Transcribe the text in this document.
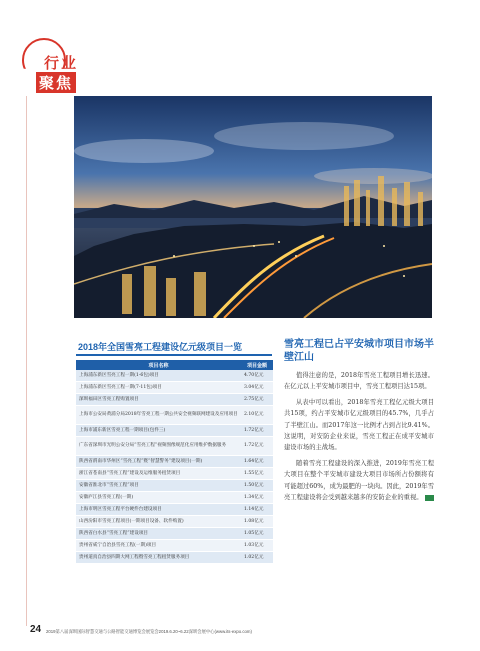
行业
聚焦
2018年全国雪亮工程建设亿元级项目一览
项目名称	项目金额
上海浦东新区雪亮工程一期(1-6包)项目	4.70亿元
上海浦东新区雪亮工程一期(7-11包)项目	3.04亿元
深圳福田区雪亮工程购置项目	2.75亿元
上海市公安局黄浦分局2018年雪亮工程一期公共安全视频联网建设及应用项目	2.10亿元
上海市浦东新区雪亮工程一期项目(包件三)	1.72亿元
广东省深圳市光明公安分局“雪亮工程”视频图像规范化应用维护数据服务	1.72亿元
陕西省渭南市华州区“雪亮工程”暨“智慧警务”建设项目(一期)	1.64亿元
浙江省苍南县“雪亮工程”建设及运维服务租赁项目	1.55亿元
安徽省淮北市“雪亮工程”项目	1.50亿元
安徽庐江县雪亮工程(一期)	1.34亿元
上海市明区雪亮工程平台硬件台建设项目	1.14亿元
山西汾阳市雪亮工程项目(一期项目设备、软件购置)	1.08亿元
陕西省白水县“雪亮工程”建设项目	1.05亿元
贵州省威宁自治县雪亮工程(一期)项目	1.03亿元
贵州道真自治县四期大网工程暨雪亮工程租赁服务项目	1.02亿元
雪亮工程已占平安城市项目市场半壁江山

值得注意的是，2018年雪亮工程项目增长迅速。在亿元以上平安城市项目中，雪亮工程项目达15项。

从表中可以看出，2018年雪亮工程亿元级大项目共15项，约占平安城市亿元级项目的45.7%，几乎占了半壁江山。而2017年这一比例才占到占比9.41%。这说明，对安防企业来说，雪亮工程正在成平安城市建设市场的主战场。

随着雪亮工程建设的深入推进，2019年雪亮工程大项目在整个平安城市建设大项目市场所占份额将有可能超过60%，成为最肥的一块肉。因此，2019年雪亮工程建设将会受到越来越多的安防企业的重视。

24 2019第八届深圳国际智慧交通与公路智能交通博览会展览会2019.6.20~6.22深圳会展中心(www.its-expo.com)
